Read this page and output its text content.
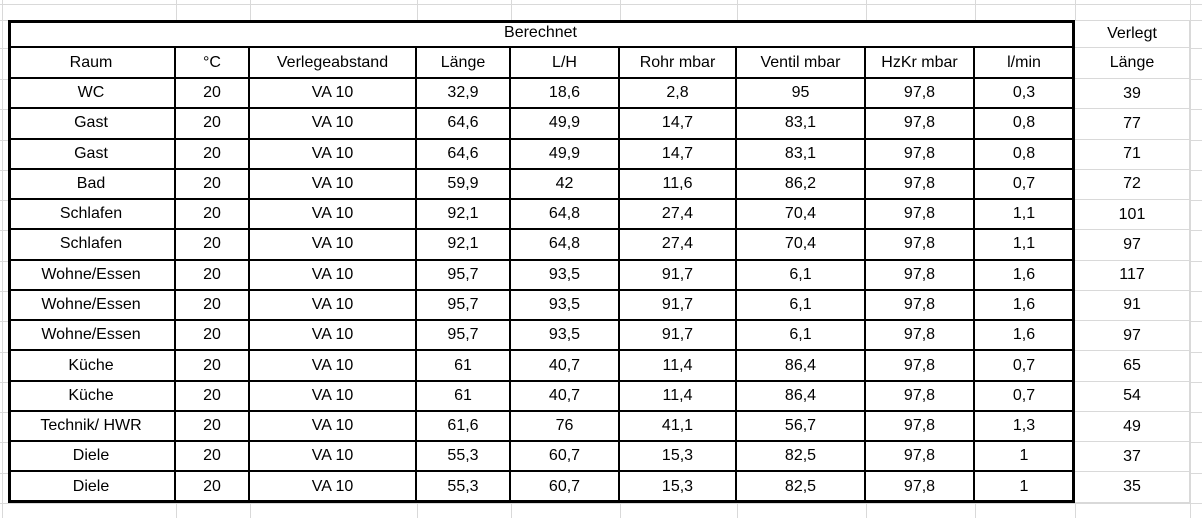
Berechnet	Verlegt
Raum	°C	Verlegeabstand	Länge	L/H	Rohr mbar	Ventil mbar	HzKr mbar	l/min	Länge
WC	20	VA 10	32,9	18,6	2,8	95	97,8	0,3	39
Gast	20	VA 10	64,6	49,9	14,7	83,1	97,8	0,8	77
Gast	20	VA 10	64,6	49,9	14,7	83,1	97,8	0,8	71
Bad	20	VA 10	59,9	42	11,6	86,2	97,8	0,7	72
Schlafen	20	VA 10	92,1	64,8	27,4	70,4	97,8	1,1	101
Schlafen	20	VA 10	92,1	64,8	27,4	70,4	97,8	1,1	97
Wohne/Essen	20	VA 10	95,7	93,5	91,7	6,1	97,8	1,6	117
Wohne/Essen	20	VA 10	95,7	93,5	91,7	6,1	97,8	1,6	91
Wohne/Essen	20	VA 10	95,7	93,5	91,7	6,1	97,8	1,6	97
Küche	20	VA 10	61	40,7	11,4	86,4	97,8	0,7	65
Küche	20	VA 10	61	40,7	11,4	86,4	97,8	0,7	54
Technik/ HWR	20	VA 10	61,6	76	41,1	56,7	97,8	1,3	49
Diele	20	VA 10	55,3	60,7	15,3	82,5	97,8	1	37
Diele	20	VA 10	55,3	60,7	15,3	82,5	97,8	1	35
